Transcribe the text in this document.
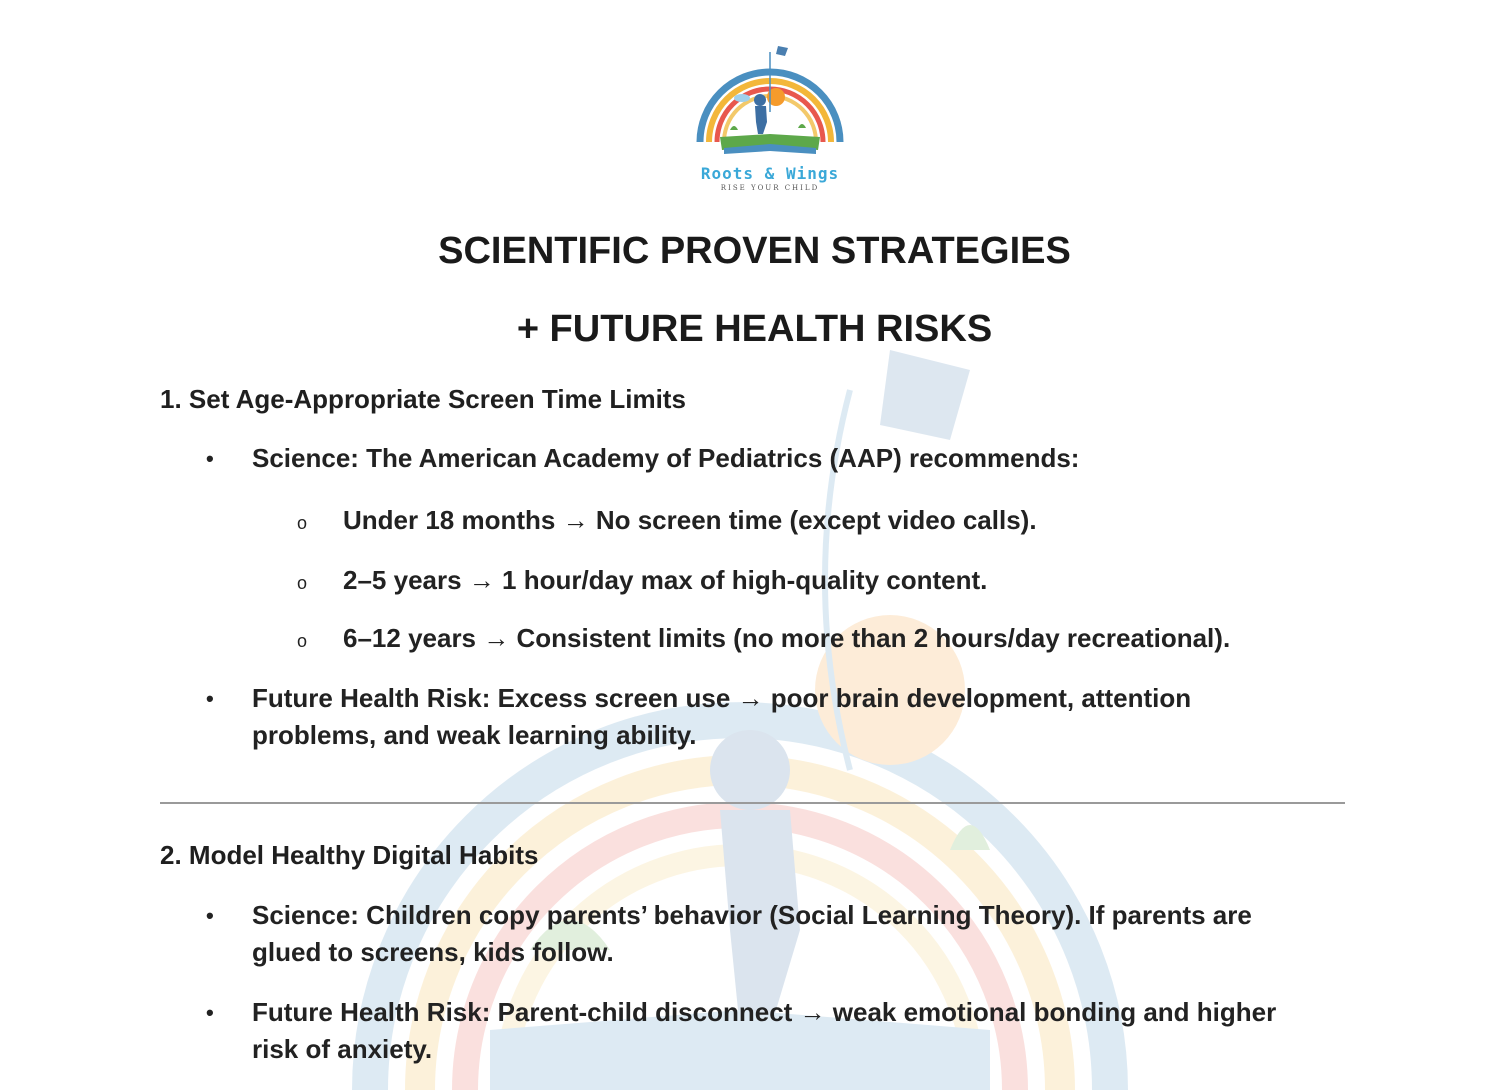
Roots & Wings
RISE YOUR CHILD
SCIENTIFIC PROVEN STRATEGIES
+ FUTURE HEALTH RISKS
1. Set Age-Appropriate Screen Time Limits
• Science: The American Academy of Pediatrics (AAP) recommends:
o Under 18 months → No screen time (except video calls).
o 2–5 years → 1 hour/day max of high-quality content.
o 6–12 years → Consistent limits (no more than 2 hours/day recreational).
• Future Health Risk: Excess screen use → poor brain development, attention problems, and weak learning ability.
2. Model Healthy Digital Habits
• Science: Children copy parents’ behavior (Social Learning Theory). If parents are glued to screens, kids follow.
• Future Health Risk: Parent-child disconnect → weak emotional bonding and higher risk of anxiety.
